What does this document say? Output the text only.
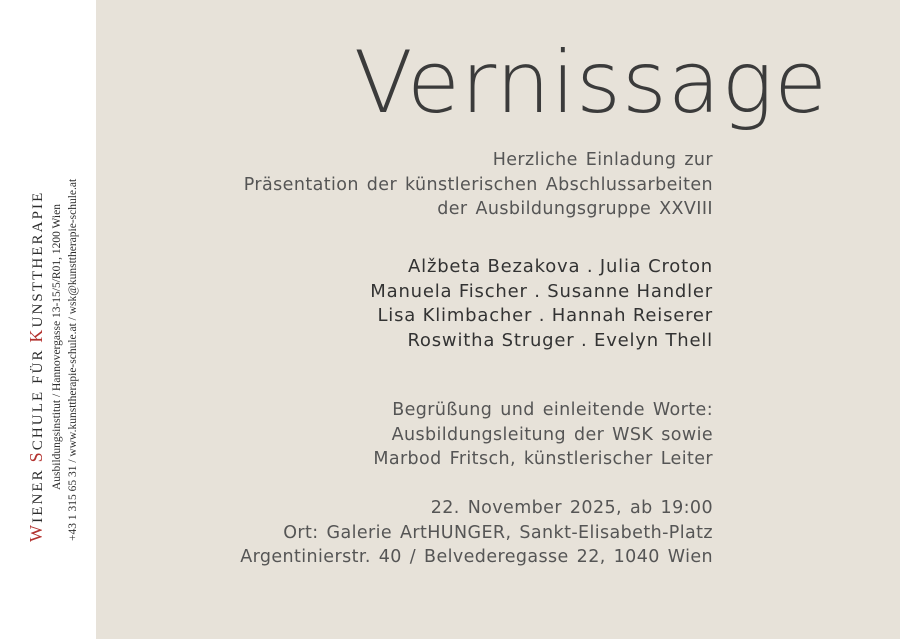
WIENER SCHULE FÜR KUNSTTHERAPIE Ausbildungsinstitut / Hannovergasse 13-15/5/R01, 1200 Wien +43 1 315 65 31 / www.kunsttherapie-schule.at / wsk@kunsttherapie-schule.at
Vernissage
Herzliche Einladung zur
Präsentation der künstlerischen Abschlussarbeiten
der Ausbildungsgruppe XXVIII
Alžbeta Bezakova . Julia Croton
Manuela Fischer . Susanne Handler
Lisa Klimbacher . Hannah Reiserer
Roswitha Struger . Evelyn Thell
Begrüßung und einleitende Worte:
Ausbildungsleitung der WSK sowie
Marbod Fritsch, künstlerischer Leiter
22. November 2025, ab 19:00
Ort: Galerie ArtHUNGER, Sankt-Elisabeth-Platz
Argentinierstr. 40 / Belvederegasse 22, 1040 Wien
